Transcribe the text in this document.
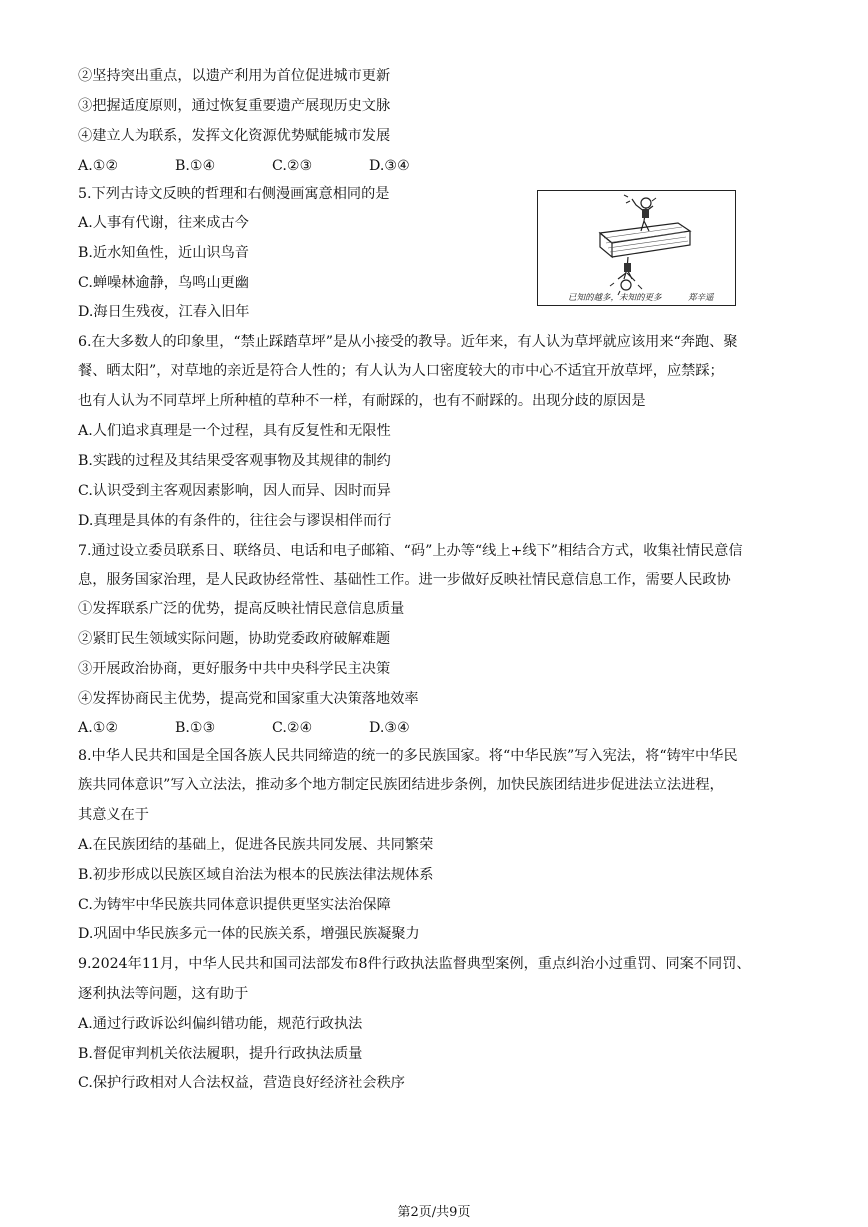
②坚持突出重点，以遗产利用为首位促进城市更新
③把握适度原则，通过恢复重要遗产展现历史文脉
④建立人为联系，发挥文化资源优势赋能城市发展
A.①②	B.①④	C.②③	D.③④
5.下列古诗文反映的哲理和右侧漫画寓意相同的是
A.人事有代谢，往来成古今
B.近水知鱼性，近山识鸟音
C.蝉噪林逾静，鸟鸣山更幽
D.海日生残夜，江春入旧年
已知的越多，未知的更多	郑辛遥
6.在大多数人的印象里，“禁止踩踏草坪”是从小接受的教导。近年来，有人认为草坪就应该用来“奔跑、聚
餐、晒太阳”，对草地的亲近是符合人性的；有人认为人口密度较大的市中心不适宜开放草坪，应禁踩；
也有人认为不同草坪上所种植的草种不一样，有耐踩的，也有不耐踩的。出现分歧的原因是
A.人们追求真理是一个过程，具有反复性和无限性
B.实践的过程及其结果受客观事物及其规律的制约
C.认识受到主客观因素影响，因人而异、因时而异
D.真理是具体的有条件的，往往会与谬误相伴而行
7.通过设立委员联系日、联络员、电话和电子邮箱、“码”上办等“线上+线下”相结合方式，收集社情民意信
息，服务国家治理，是人民政协经常性、基础性工作。进一步做好反映社情民意信息工作，需要人民政协
①发挥联系广泛的优势，提高反映社情民意信息质量
②紧盯民生领域实际问题，协助党委政府破解难题
③开展政治协商，更好服务中共中央科学民主决策
④发挥协商民主优势，提高党和国家重大决策落地效率
A.①②	B.①③	C.②④	D.③④
8.中华人民共和国是全国各族人民共同缔造的统一的多民族国家。将“中华民族”写入宪法，将“铸牢中华民
族共同体意识”写入立法法，推动多个地方制定民族团结进步条例，加快民族团结进步促进法立法进程，
其意义在于
A.在民族团结的基础上，促进各民族共同发展、共同繁荣
B.初步形成以民族区域自治法为根本的民族法律法规体系
C.为铸牢中华民族共同体意识提供更坚实法治保障
D.巩固中华民族多元一体的民族关系，增强民族凝聚力
9.2024年11月，中华人民共和国司法部发布8件行政执法监督典型案例，重点纠治小过重罚、同案不同罚、
逐利执法等问题，这有助于
A.通过行政诉讼纠偏纠错功能，规范行政执法
B.督促审判机关依法履职，提升行政执法质量
C.保护行政相对人合法权益，营造良好经济社会秩序
第2页/共9页
